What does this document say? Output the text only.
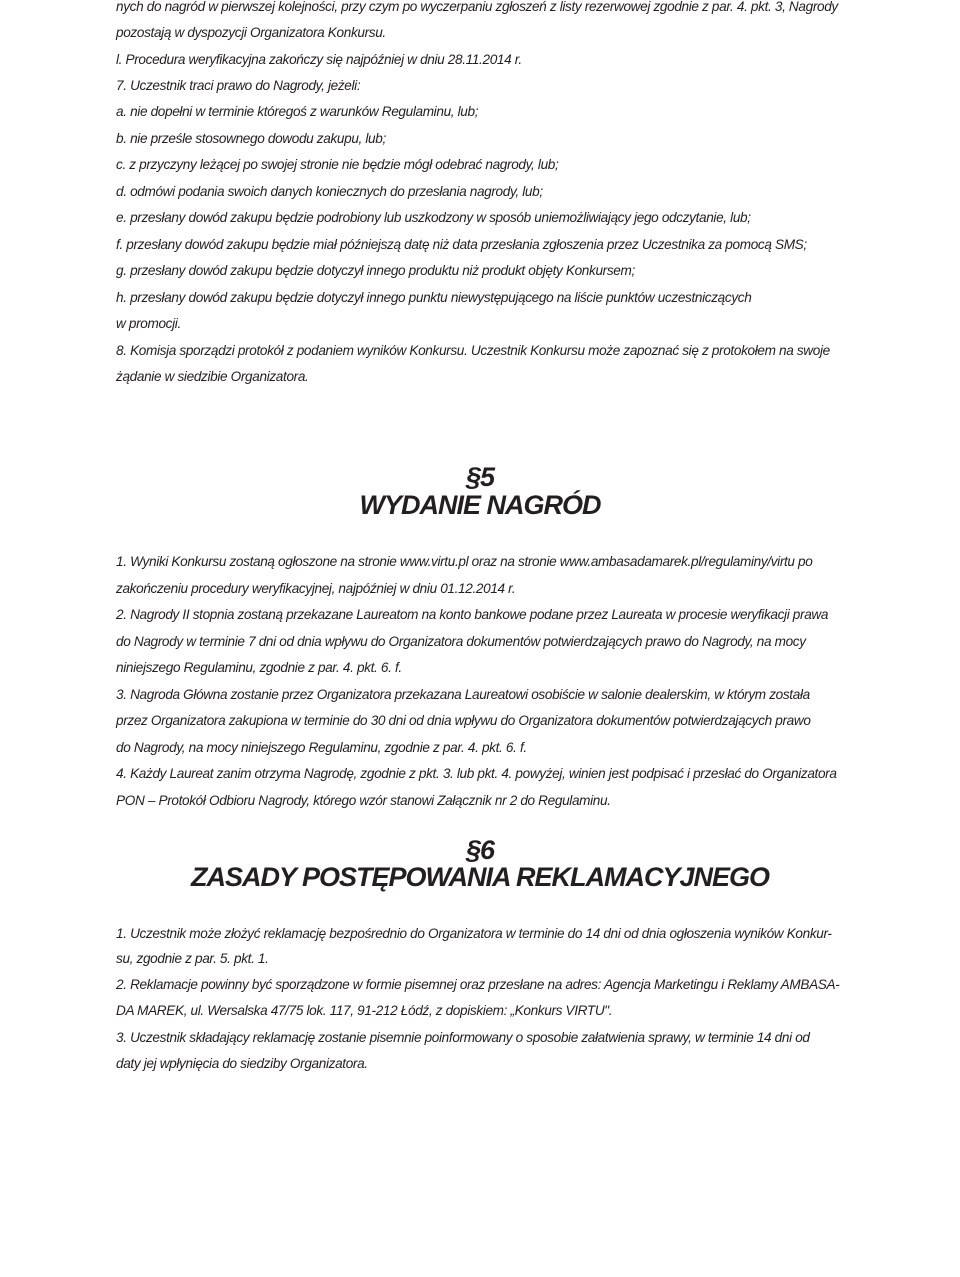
nych do nagród w pierwszej kolejności, przy czym po wyczerpaniu zgłoszeń z listy rezerwowej zgodnie z par. 4. pkt. 3, Nagrody
pozostają w dyspozycji Organizatora Konkursu.
l. Procedura weryfikacyjna zakończy się najpóźniej w dniu 28.11.2014 r.
7. Uczestnik traci prawo do Nagrody, jeżeli:
a. nie dopełni w terminie któregoś z warunków Regulaminu, lub;
b. nie prześle stosownego dowodu zakupu, lub;
c. z przyczyny leżącej po swojej stronie nie będzie mógł odebrać nagrody, lub;
d. odmówi podania swoich danych koniecznych do przesłania nagrody, lub;
e. przesłany dowód zakupu będzie podrobiony lub uszkodzony w sposób uniemożliwiający jego odczytanie, lub;
f. przesłany dowód zakupu będzie miał późniejszą datę niż data przesłania zgłoszenia przez Uczestnika za pomocą SMS;
g. przesłany dowód zakupu będzie dotyczył innego produktu niż produkt objęty Konkursem;
h. przesłany dowód zakupu będzie dotyczył innego punktu niewystępującego na liście punktów uczestniczących
w promocji.
8. Komisja sporządzi protokół z podaniem wyników Konkursu. Uczestnik Konkursu może zapoznać się z protokołem na swoje
żądanie w siedzibie Organizatora.
§5
WYDANIE NAGRÓD
1. Wyniki Konkursu zostaną ogłoszone na stronie www.virtu.pl oraz na stronie www.ambasadamarek.pl/regulaminy/virtu po
zakończeniu procedury weryfikacyjnej, najpóźniej w dniu 01.12.2014 r.
2. Nagrody II stopnia zostaną przekazane Laureatom na konto bankowe podane przez Laureata w procesie weryfikacji prawa
do Nagrody w terminie 7 dni od dnia wpływu do Organizatora dokumentów potwierdzających prawo do Nagrody, na mocy
niniejszego Regulaminu, zgodnie z par. 4. pkt. 6. f.
3. Nagroda Główna zostanie przez Organizatora przekazana Laureatowi osobiście w salonie dealerskim, w którym została
przez Organizatora zakupiona w terminie do 30 dni od dnia wpływu do Organizatora dokumentów potwierdzających prawo
do Nagrody, na mocy niniejszego Regulaminu, zgodnie z par. 4. pkt. 6. f.
4. Każdy Laureat zanim otrzyma Nagrodę, zgodnie z pkt. 3. lub pkt. 4. powyżej, winien jest podpisać i przesłać do Organizatora
PON – Protokół Odbioru Nagrody, którego wzór stanowi Załącznik nr 2 do Regulaminu.
§6
ZASADY POSTĘPOWANIA REKLAMACYJNEGO
1. Uczestnik może złożyć reklamację bezpośrednio do Organizatora w terminie do 14 dni od dnia ogłoszenia wyników Konkur-
su, zgodnie z par. 5. pkt. 1.
2. Reklamacje powinny być sporządzone w formie pisemnej oraz przesłane na adres: Agencja Marketingu i Reklamy AMBASA-
DA MAREK, ul. Wersalska 47/75 lok. 117, 91-212 Łódź, z dopiskiem: „Konkurs VIRTU".
3. Uczestnik składający reklamację zostanie pisemnie poinformowany o sposobie załatwienia sprawy, w terminie 14 dni od
daty jej wpłynięcia do siedziby Organizatora.
